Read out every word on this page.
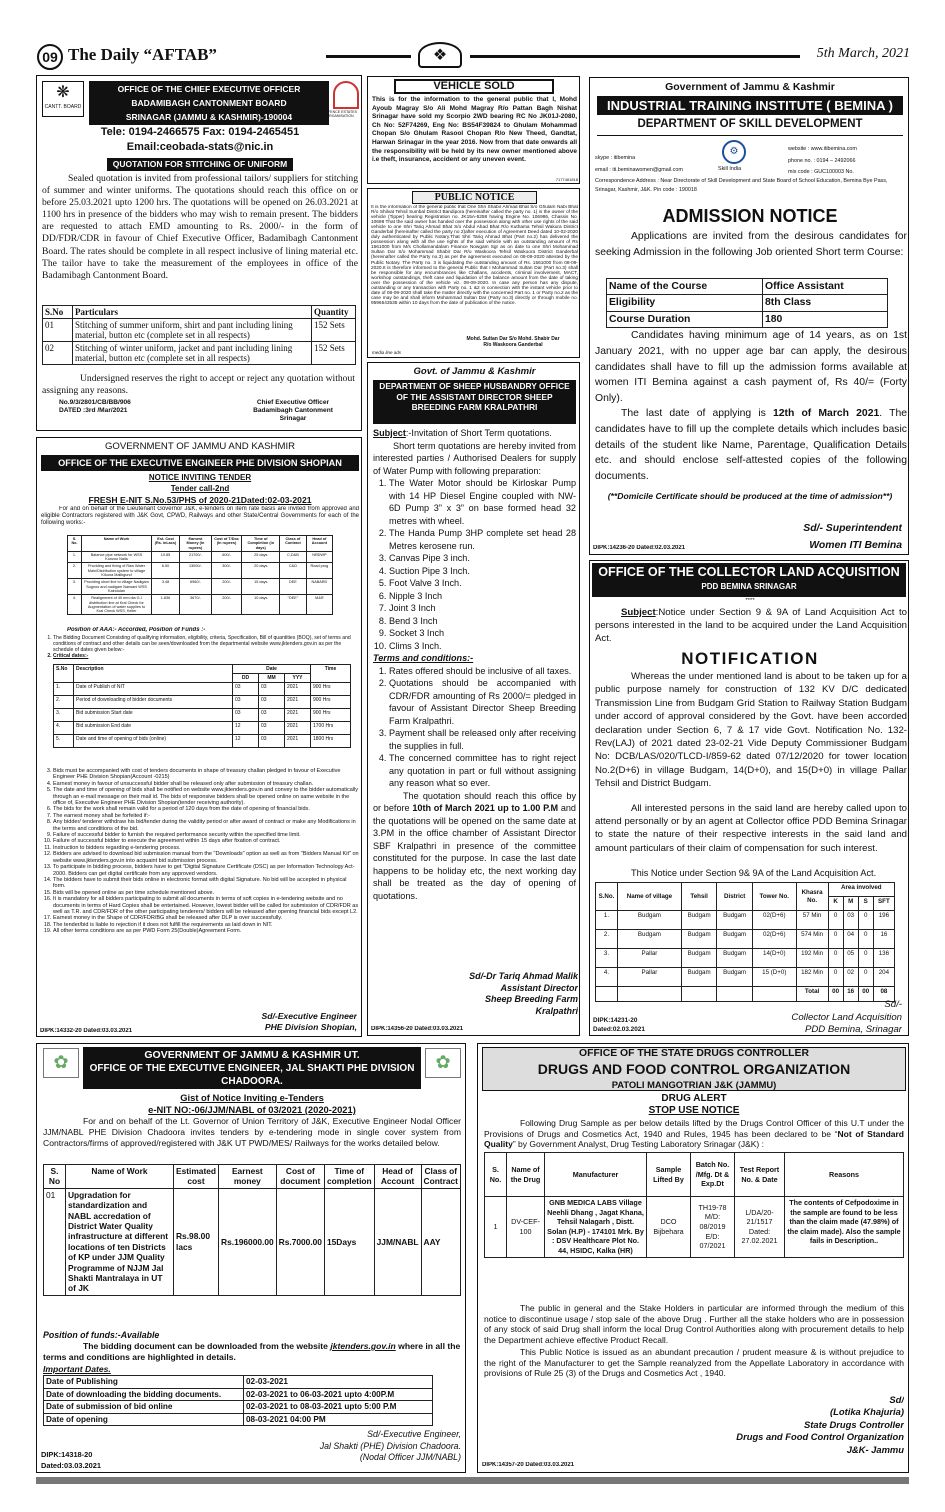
09 The Daily “AFTAB”	❖	5th March, 2021
❋
CANTT. BOARD
OFFICE OF THE CHIEF EXECUTIVE OFFICER
BADAMIBAGH CANTONMENT BOARD
SRINAGAR (JAMMU & KASHMIR)-190004	DEFENCE ESTATES ORGANISATION
Tele: 0194-2466575 Fax: 0194-2465451
Email:ceobada-stats@nic.in
QUOTATION FOR STITCHING OF UNIFORM
Sealed quotation is invited from professional tailors/ suppliers for stitching of summer and winter uniforms. The quotations should reach this office on or before 25.03.2021 upto 1200 hrs. The quotations will be opened on 26.03.2021 at 1100 hrs in presence of the bidders who may wish to remain present. The bidders are requested to attach EMD amounting to Rs. 2000/- in the form of DD/FDR/CDR in favour of Chief Executive Officer, Badamibagh Cantonment Board. The rates should be complete in all respect inclusive of lining material etc. The tailor have to take the measurement of the employees in office of the Badamibagh Cantonment Board.
S.No	Particulars	Quantity
01	Stitching of summer uniform, shirt and pant including lining material, button etc (complete set in all respects)	152 Sets
02	Stitching of winter uniform, jacket and pant including lining material, button etc (complete set in all respects)	152 Sets
Undersigned reserves the right to accept or reject any quotation without assigning any reasons.
No.9/3/2801/CB/BB/906
DATED :3rd /Mar/2021
Chief Executive Officer
Badamibagh Cantonment
Srinagar
VEHICLE SOLD
This is for the information to the general public that I, Mohd Ayoub Magray S/o Ali Mohd Magray R/o Pattan Bagh Nishat Srinagar have sold my Scorpio 2WD bearing RC No JK01J-2080, Ch No: 52F74269, Eng No: BS54F39824 to Ghulam Mohammad Chopan S/o Ghulam Rasool Chopan R/o New Theed, Gandtat, Harwan Srinagar in the year 2016. Now from that date onwards all the responsibility will be held by its new owner mentioned above i.e theft, insurance, accident or any uneven event.
7177481818
PUBLIC NOTICE
It is the information of the general public that One Shri Shabir Ahmad Bhat S/o Ghulam Nabi Bhat R/o Shilvat Tehsil Sumbal District Bandipora (hereinafter called the party no. 1) is the owner of the vehicle (Tipper) bearing Registration no. JK15A-5258 having Engine No. 106986, Chassis No. 10698 That the said owner has handed over the possession along with other use rights of the said vehicle to one Shri Tariq Ahmad Bhat S/o Abdul Ahad Bhat R/o Kuthama Tehsil Wakura District Ganderbal (hereinafter called the party no 2)after execution of Agreement Deed dated 10-02-2020 duly authenticated by Public Notary.That Shri Tariq Ahmad Bhat (Part no.2) has delivered the possession along with all the use rights of the said vehicle with an outstanding amount of Rs 1561000 from M/s Chollamandalam Finance Nowgam Sgr as on date to one Shri Mohammad Sultan Dar S/o Mohammad Shabir Dar R/o Waskoora Tehsil Waskoora District Ganderbal (hereinafter called the Party no.3) as per the agreement executed on 08-09-2020 attested by the Public Notary. The Party no. 3 is liquidating the outstanding amount of Rs. 1561000 from 08-09-2020.It is therefore informed to the general Public that I Mohammad Sultan Dar (Part no.3) shall be responsible for any encumbrances like Challans, accidents, criminal involvement, MACT, workshop outstandings, theft case and liquidation of the balance amount from the date of taking over the possession of the vehicle viz. 08-09-2020. In case any person has any dispute, outstanding or any transaction with Party no. 1 &2 in connection with the instant vehicle prior to date of 08-09-2020 shall take the matter directly with the concerned Part no. 1 or Party no.2 as the case may be and shall inform Mohammad Sultan Dar (Party no.3) directly or through mobile no. 9596543535 within 10 days from the date of publication of the notice.
Mohd. Sultan Dar S/o Mohd. Shabir Dar
R/o Waskoora Ganderbal
media line ads
Govt. of Jammu & Kashmir
DEPARTMENT OF SHEEP HUSBANDRY OFFICE OF THE ASSISTANT DIRECTOR SHEEP BREEDING FARM KRALPATHRI
Subject:-Invitation of Short Term quotations.
Short term quotations are hereby invited from interested parties / Authorised Dealers for supply of Water Pump with following preparation:
1. The Water Motor should be Kirloskar Pump with 14 HP Diesel Engine coupled with NW-6D Pump 3” x 3” on base formed head 32 metres with wheel.
2. The Handa Pump 3HP complete set head 28 Metres kerosene run.
3. Canvas Pipe 3 inch.
4. Suction Pipe 3 Inch.
5. Foot Valve 3 Inch.
6. Nipple 3 Inch
7. Joint 3 Inch
8. Bend 3 Inch
9. Socket 3 Inch
10. Clims 3 Inch.
Terms and conditions:-
1. Rates offered should be inclusive of all taxes.
2. Quotations should be accompanied with CDR/FDR amounting of Rs 2000/= pledged in favour of Assistant Director Sheep Breeding Farm Kralpathri.
3. Payment shall be released only after receiving the supplies in full.
4. The concerned committee has to right reject any quotation in part or full without assigning any reason what so ever.
The quotation should reach this office by or before 10th of March 2021 up to 1.00 P.M and the quotations will be opened on the same date at 3.PM in the office chamber of Assistant Director SBF Kralpathri in presence of the committee constituted for the purpose. In case the last date happens to be holiday etc, the next working day shall be treated as the day of opening of quotations.
Sd/-Dr Tariq Ahmad Malik
Assistant Director
Sheep Breeding Farm
Kralpathri
DIPK:14356-20 Dated:03.03.2021
Government of Jammu & Kashmir
INDUSTRIAL TRAINING INSTITUTE ( BEMINA )
DEPARTMENT OF SKILL DEVELOPMENT
skype : itibemina
email : iti.beminawomen@gmail.com
⚙
Skill India
website : www.itibemina.com
phone no. : 0194 – 2492066
mis code : GUC100003 No.
Correspondence Address : Near Directorate of Skill Development and State Board of School Education, Bemina Bye Pass, Srinagar, Kashmir, J&K. Pin code : 190018
ADMISSION NOTICE
Applications are invited from the desirous candidates for seeking Admission in the following Job oriented Short term Course:
Name of the Course	Office Assistant
Eligibility	8th Class
Course Duration	180
Candidates having minimum age of 14 years, as on 1st January 2021, with no upper age bar can apply, the desirous candidates shall have to fill up the admission forms available at women ITI Bemina against a cash payment of, Rs 40/= (Forty Only).
The last date of applying is 12th of March 2021. The candidates have to fill up the complete details which includes basic details of the student like Name, Parentage, Qualification Details etc. and should enclose self-attested copies of the following documents.
(**Domicile Certificate should be produced at the time of admission**)
Sd/- Superintendent
Women ITI Bemina
DIPK:14236-20 Dated:02.03.2021
OFFICE OF THE COLLECTOR LAND ACQUISITION
PDD BEMINA SRINAGAR
****
Subject:Notice under Section 9 & 9A of Land Acquisition Act to persons interested in the land to be acquired under the Land Acquisition Act.
NOTIFICATION
Whereas the under mentioned land is about to be taken up for a public purpose namely for construction of 132 KV D/C dedicated Transmission Line from Budgam Grid Station to Railway Station Budgam under accord of approval considered by the Govt. have been accorded declaration under Section 6, 7 & 17 vide Govt. Notification No. 132-Rev(LAJ) of 2021 dated 23-02-21 Vide Deputy Commissioner Budgam No: DCB/LAS/020/TLCD-I/859-62 dated 07/12/2020 for tower location No.2(D+6) in village Budgam, 14(D+0), and 15(D+0) in village Pallar Tehsil and District Budgam.
All interested persons in the said land are hereby called upon to attend personally or by an agent at Collector office PDD Bemina Srinagar to state the nature of their respective interests in the said land and amount particulars of their claim of compensation for such interest.
This Notice under Section 9& 9A of the Land Acquisition Act.
S.No.	Name of village	Tehsil	District	Tower No.	Khasra No.	Area involved			
						K	M	S	SFT
1.	Budgam	Budgam	Budgam	02(D+6)	57 Min	0	03	0	196
2.	Budgam	Budgam	Budgam	02(D+6)	574 Min	0	04	0	16
3.	Pallar	Budgam	Budgam	14(D+0)	192 Min	0	05	0	136
4.	Pallar	Budgam	Budgam	15 (D+0)	182 Min	0	02	0	204
					Total	00	16	00	08
Sd/-
Collector Land Acquisition
PDD Bemina, Srinagar
DIPK:14231-20
Dated:02.03.2021
GOVERNMENT OF JAMMU AND KASHMIR
OFFICE OF THE EXECUTIVE ENGINEER PHE DIVISION SHOPIAN
NOTICE INVITING TENDER
Tender call-2nd
FRESH E-NIT S.No.53/PHS of 2020-21Dated:02-03-2021
For and on behalf of the Lieutenant Governor J&K, e-tenders on item rate basis are invited from approved and eligible Contractors registered with J&K Govt, CPWD, Railways and other State/Central Governments for each of the following works:-
S. No.	Name of Work	Est. Cost (Rs. inLacs)	Earnest Money (In rupees)	Cost of T/Doc (In rupees)	Time of Completion (in days)	Class of Contract	Head of Account
1.	Balance pipe network for WSS Kunzoo Nalla	10.85	21700/-	600/-	25 days	C,D&B	NRDWP
2.	Providing and fixing of Raw Water Main/Distribution system to village Kiloora Malikgund	6.50	13000/-	300/-	20 days	C&D	Road prog
3.	Providing short line to village Nadigam Sugnoo and nadigam Narwani WSS Kaindulan	3.48	6960/-	200/-	15 days	DEE	NABARD
4.	Realignment of 40 mm dia G.I distribution line at Kral Check for Augmentation of water supplies to Kral Check WSS, Keller	1.836	3670/-	200/-	10 days	"DEE"	M&R
Position of AAA:- Accorded, Position of Funds :-
1. The Bidding Document Consisting of qualifying information, eligibility, criteria, Specification, Bill of quantities (BOQ), set of terms and conditions of contract and other details can be seen/downloaded from the departmental website www.jktenders.gov.in as per the schedule of dates given below:-
2. Critical dates:-
S.No	Description	Date			Time
		DD	MM	YYY	
1.	Date of Publish of NIT	03	03	2021	900 Hrs
2.	Period of downloading of bidder documents	03	03	2021	900 Hrs
3.	Bid submission Start date	03	03	2021	900 Hrs
4.	Bid submission End date	12	03	2021	1700 Hrs
5.	Date and time of opening of bids (online)	12	03	2021	1800 Hrs
3. Bids must be accompanied with cost of tenders documents in shape of treasury challan pledged in favour of Executive Engineer PHE Division Shopian(Account -0215)
4. Earnest money in favour of unsuccessful bidder shall be released only after submission of treasury challan.
5. The date and time of opening of bids shall be notified on website www.jktenders.gov.in and convey to the bidder automatically through an e-mail message on their mail id. The bids of responsive bidders shall be opened online on same website in the office of, Executive Engineer PHE Division Shopian(tender receiving authority).
6. The bids for the work shall remain valid for a period of 120 days from the date of opening of financial bids.
7. The earnest money shall be forfeited if:-
8. Any bidder/ tenderer withdraw his bid/tender during the validity period or after award of contract or make any Modifications in the terms and conditions of the bid.
9. Failure of successful bidder to furnish the required performance security within the specified time limit.
10. Failure of successful bidder to execute the agreement within 15 days after fixation of contract.
11. Instruction to bidders regarding e-tendering process.
12. Bidders are advised to download bid submission manual from the "Downloads" option as well as from "Bidders Manual Kit" on website www.jktenders.gov.in into acquaint bid submission process.
13. To participate in bidding process, bidders have to get "Digital Signature Certificate (DSC) as per Information Technology Act-2000. Bidders can get digital certificate from any approved vendors.
14. The bidders have to submit their bids online in electronic format with digital Signature. No bid will be accepted in physical form.
15. Bids will be opened online as per time schedule mentioned above.
16. It is mandatory for all bidders participating to submit all documents in terms of soft copies in e-tendering website and no documents in terms of Hard Copies shall be entertained. However, lowest bidder will be called for submission of CDR/FDR as well as T.R. and CDR/FDR of the other participating tenderers/ bidders will be released after opening financial bids except L2.
17. Earnest money in the Shape of CDR/FDR/BG shall be released after DLP is over successfully.
18. The tender/bid is liable to rejection if it does not fulfill the requirements as laid down in NIT.
19. All other terms conditions are as per PWD Form 25(Double)Agreement Form.
Sd/-Executive Engineer
PHE Division Shopian,
DIPK:14332-20 Dated:03.03.2021
✿	✿
GOVERNMENT OF JAMMU & KASHMIR UT.
OFFICE OF THE EXECUTIVE ENGINEER, JAL SHAKTI PHE DIVISION CHADOORA.
Gist of Notice Inviting e-Tenders
e-NIT NO:-06/JJM/NABL of 03/2021 (2020-2021)
For and on behalf of the Lt. Governor of Union Territory of J&K, Executive Engineer Nodal Officer JJM/NABL PHE Division Chadoora invites tenders by e-tendering mode in single cover system from Contractors/firms of approved/registered with J&K UT PWD/MES/ Railways for the works detailed below.
S. No	Name of Work	Estimated cost	Earnest money	Cost of document	Time of completion	Head of Account	Class of Contract
01	Upgradation for standardization and NABL accredation of District Water Quality infrastructure at different locations of ten Districts of KP under JJM Quality Programme of NJJM Jal Shakti Mantralaya in UT of JK	Rs.98.00 lacs	Rs.196000.00	Rs.7000.00	15Days	JJM/NABL	AAY
Position of funds:-Available
The bidding document can be downloaded from the website jktenders.gov.in where in all the terms and conditions are highlighted in details.
Important Dates.
Date of Publishing	02-03-2021
Date of downloading the bidding documents.	02-03-2021 to 06-03-2021 upto 4:00P.M
Date of submission of bid online	02-03-2021 to 08-03-2021 upto 5:00 P.M
Date of opening	08-03-2021 04:00 PM
Sd/-Executive Engineer,
Jal Shakti (PHE) Division Chadoora.
(Nodal Officer JJM/NABL)
DIPK:14318-20
Dated:03.03.2021
OFFICE OF THE STATE DRUGS CONTROLLER
DRUGS AND FOOD CONTROL ORGANIZATION
PATOLI MANGOTRIAN J&K (JAMMU)
DRUG ALERT
STOP USE NOTICE
Following Drug Sample as per below details lifted by the Drugs Control Officer of this U.T under the Provisions of Drugs and Cosmetics Act, 1940 and Rules, 1945 has been declared to be “Not of Standard Quality” by Government Analyst, Drug Testing Laboratory Srinagar (J&K) :
S. No.	Name of the Drug	Manufacturer	Sample Lifted By	Batch No. /Mfg. Dt & Exp.Dt	Test Report No. & Date	Reasons
1	DV-CEF-100	GNB MEDICA LABS Village Neehli Dhang , Jagat Khana, Tehsil Nalagarh , Distt. Solan (H.P) - 174101 Mrk. By : DSV Healthcare Plot No. 44, HSIDC, Kalka (HR)	DCO Bijbehara	TH19-78 M/D: 08/2019 E/D: 07/2021	L/DA/20-21/1517 Dated: 27.02.2021	The contents of Cefpodoxime in the sample are found to be less than the claim made (47.98%) of the claim made). Also the sample fails in Description..
The public in general and the Stake Holders in particular are informed through the medium of this notice to discontinue usage / stop sale of the above Drug . Further all the stake holders who are in possession of any stock of said Drug shall inform the local Drug Control Authorities along with procurement details to help the Department achieve effective Product Recall.
This Public Notice is issued as an abundant precaution / prudent measure & is without prejudice to the right of the Manufacturer to get the Sample reanalyzed from the Appellate Laboratory in accordance with provisions of Rule 25 (3) of the Drugs and Cosmetics Act , 1940.
Sd/
(Lotika Khajuria)
State Drugs Controller
Drugs and Food Control Organization
J&K- Jammu
DIPK:14357-20 Dated:03.03.2021
